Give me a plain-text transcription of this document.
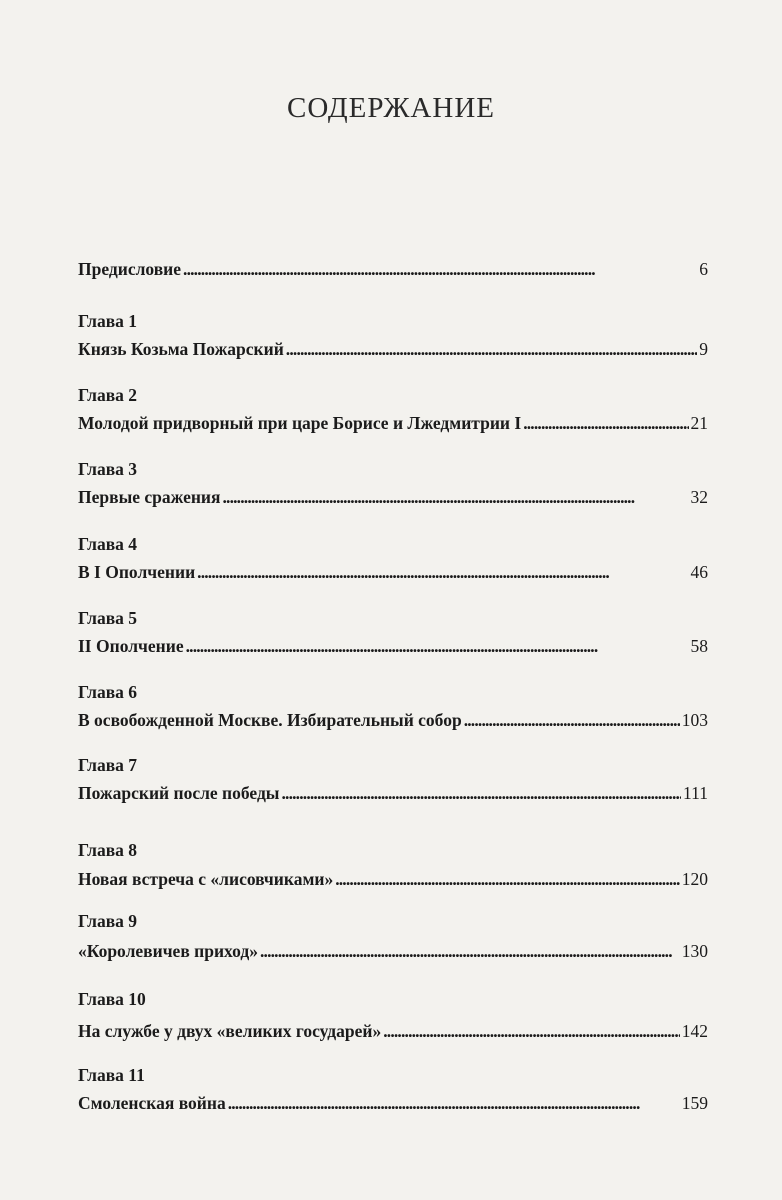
СОДЕРЖАНИЕ
Предисловие . . .	6
Глава 1
Князь Козьма Пожарский . . .	9
Глава 2
Молодой придворный при царе Борисе и Лжедмитрии I . . .	21
Глава 3
Первые сражения . . .	32
Глава 4
В I Ополчении . . .	46
Глава 5
II Ополчение . . .	58
Глава 6
В освобожденной Москве. Избирательный собор . . .	103
Глава 7
Пожарский после победы . . .	111
Глава 8
Новая встреча с «лисовчиками» . . .	120
Глава 9
«Королевичев приход» . . .	130
Глава 10
На службе у двух «великих государей» . . .	142
Глава 11
Смоленская война . . .	159
